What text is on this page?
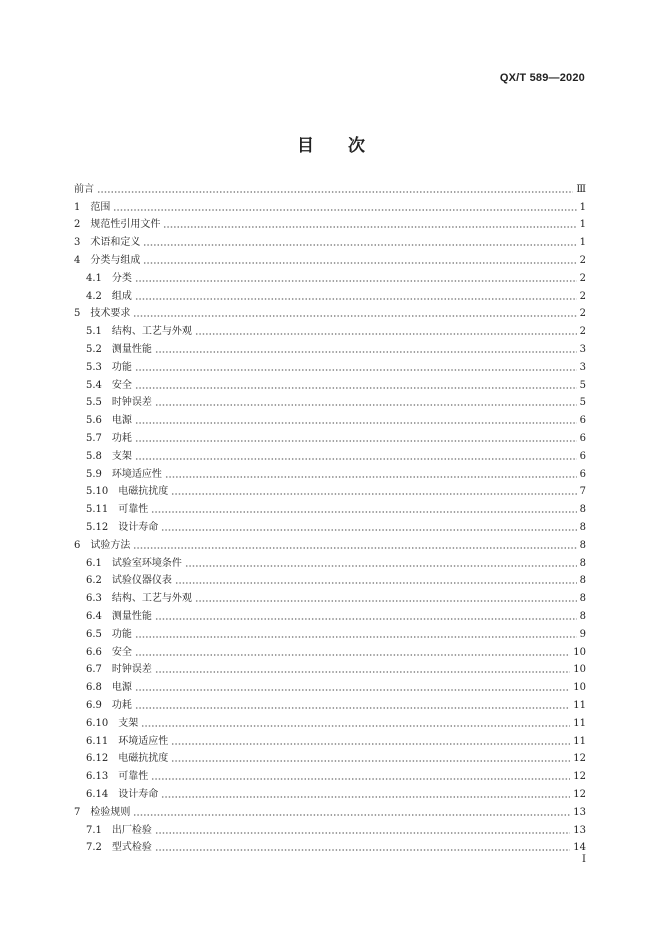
QX/T 589—2020
目次
前言	Ⅲ
1　范围	1
2　规范性引用文件	1
3　术语和定义	1
4　分类与组成	2
4.1　分类	2
4.2　组成	2
5　技术要求	2
5.1　结构、工艺与外观	2
5.2　测量性能	3
5.3　功能	3
5.4　安全	5
5.5　时钟误差	5
5.6　电源	6
5.7　功耗	6
5.8　支架	6
5.9　环境适应性	6
5.10　电磁抗扰度	7
5.11　可靠性	8
5.12　设计寿命	8
6　试验方法	8
6.1　试验室环境条件	8
6.2　试验仪器仪表	8
6.3　结构、工艺与外观	8
6.4　测量性能	8
6.5　功能	9
6.6　安全	10
6.7　时钟误差	10
6.8　电源	10
6.9　功耗	11
6.10　支架	11
6.11　环境适应性	11
6.12　电磁抗扰度	12
6.13　可靠性	12
6.14　设计寿命	12
7　检验规则	13
7.1　出厂检验	13
7.2　型式检验	14
I
